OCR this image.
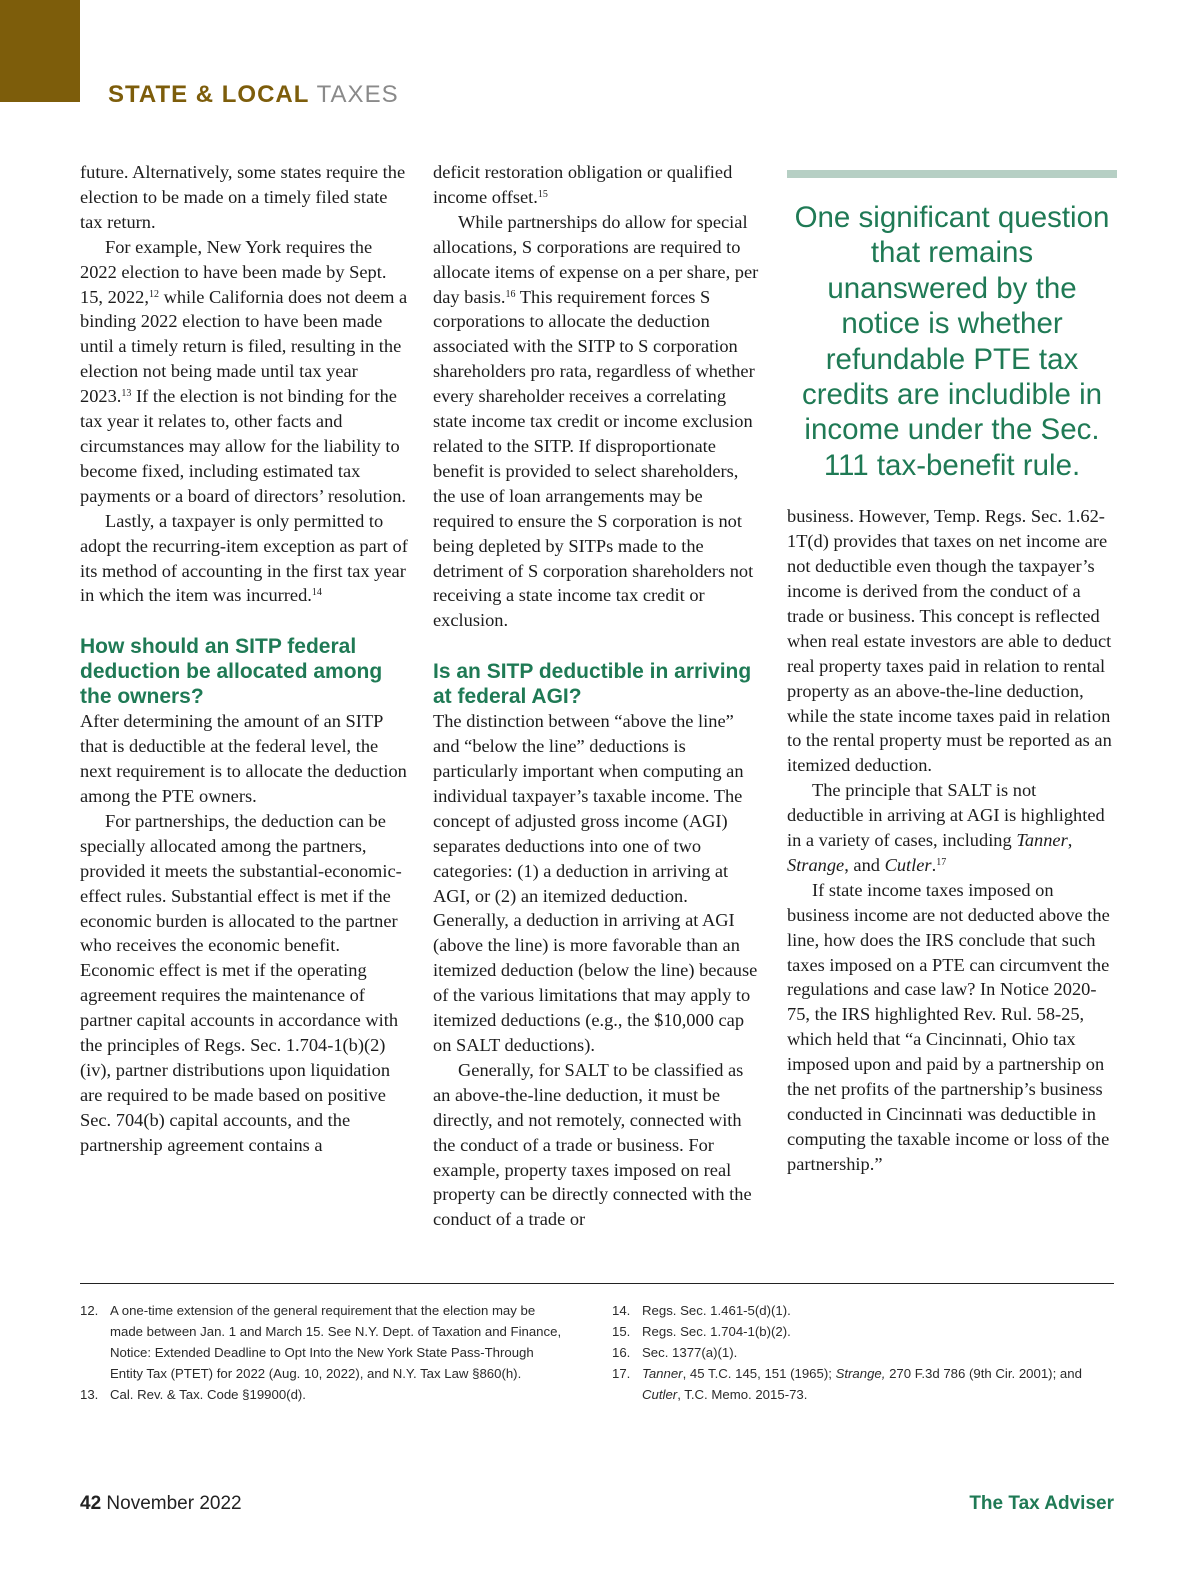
STATE & LOCAL TAXES

future. Alternatively, some states require the election to be made on a timely filed state tax return.

For example, New York requires the 2022 election to have been made by Sept. 15, 2022,12 while California does not deem a binding 2022 election to have been made until a timely return is filed, resulting in the election not being made until tax year 2023.13 If the election is not binding for the tax year it relates to, other facts and circumstances may allow for the liability to become fixed, including estimated tax payments or a board of directors’ resolution.

Lastly, a taxpayer is only permitted to adopt the recurring-item exception as part of its method of accounting in the first tax year in which the item was incurred.$^{14}$

How should an SITP federal deduction be allocated among the owners?

After determining the amount of an SITP that is deductible at the federal level, the next requirement is to allocate the deduction among the PTE owners.

For partnerships, the deduction can be specially allocated among the partners, provided it meets the substantial-economic-effect rules. Substantial effect is met if the economic burden is allocated to the partner who receives the economic benefit. Economic effect is met if the operating agreement requires the maintenance of partner capital accounts in accordance with the principles of Regs. Sec. 1.704-1(b)(2)(iv), partner distributions upon liquidation are required to be made based on positive Sec. 704(b) capital accounts, and the partnership agreement contains a

deficit restoration obligation or qualified income offset.$^{15}$

While partnerships do allow for special allocations, S corporations are required to allocate items of expense on a per share, per day basis.$^{16}$ This requirement forces S corporations to allocate the deduction associated with the SITP to S corporation shareholders pro rata, regardless of whether every shareholder receives a correlating state income tax credit or income exclusion related to the SITP. If disproportionate benefit is provided to select shareholders, the use of loan arrangements may be required to ensure the S corporation is not being depleted by SITPs made to the detriment of S corporation shareholders not receiving a state income tax credit or exclusion.

Is an SITP deductible in arriving at federal AGI?

The distinction between “above the line” and “below the line” deductions is particularly important when computing an individual taxpayer’s taxable income. The concept of adjusted gross income (AGI) separates deductions into one of two categories: (1) a deduction in arriving at AGI, or (2) an itemized deduction. Generally, a deduction in arriving at AGI (above the line) is more favorable than an itemized deduction (below the line) because of the various limitations that may apply to itemized deductions (e.g., the $10,000 cap on SALT deductions).

Generally, for SALT to be classified as an above-the-line deduction, it must be directly, and not remotely, connected with the conduct of a trade or business. For example, property taxes imposed on real property can be directly connected with the conduct of a trade or

One significant question that remains unanswered by the notice is whether refundable PTE tax credits are includible in income under the Sec. 111 tax-benefit rule.

business. However, Temp. Regs. Sec. 1.62-1T(d) provides that taxes on net income are not deductible even though the taxpayer’s income is derived from the conduct of a trade or business. This concept is reflected when real estate investors are able to deduct real property taxes paid in relation to rental property as an above-the-line deduction, while the state income taxes paid in relation to the rental property must be reported as an itemized deduction.

The principle that SALT is not deductible in arriving at AGI is highlighted in a variety of cases, including Tanner, Strange, and Cutler.$^{17}$

If state income taxes imposed on business income are not deducted above the line, how does the IRS conclude that such taxes imposed on a PTE can circumvent the regulations and case law? In Notice 2020-75, the IRS highlighted Rev. Rul. 58-25, which held that “a Cincinnati, Ohio tax imposed upon and paid by a partnership on the net profits of the partnership’s business conducted in Cincinnati was deductible in computing the taxable income or loss of the partnership.”

12. A one-time extension of the general requirement that the election may be made between Jan. 1 and March 15. See N.Y. Dept. of Taxation and Finance, Notice: Extended Deadline to Opt Into the New York State Pass-Through Entity Tax (PTET) for 2022 (Aug. 10, 2022), and N.Y. Tax Law §860(h).
13. Cal. Rev. & Tax. Code §19900(d).
14. Regs. Sec. 1.461-5(d)(1).
15. Regs. Sec. 1.704-1(b)(2).
16. Sec. 1377(a)(1).
17. Tanner, 45 T.C. 145, 151 (1965); Strange, 270 F.3d 786 (9th Cir. 2001); and Cutler, T.C. Memo. 2015-73.
42 November 2022	The Tax Adviser
